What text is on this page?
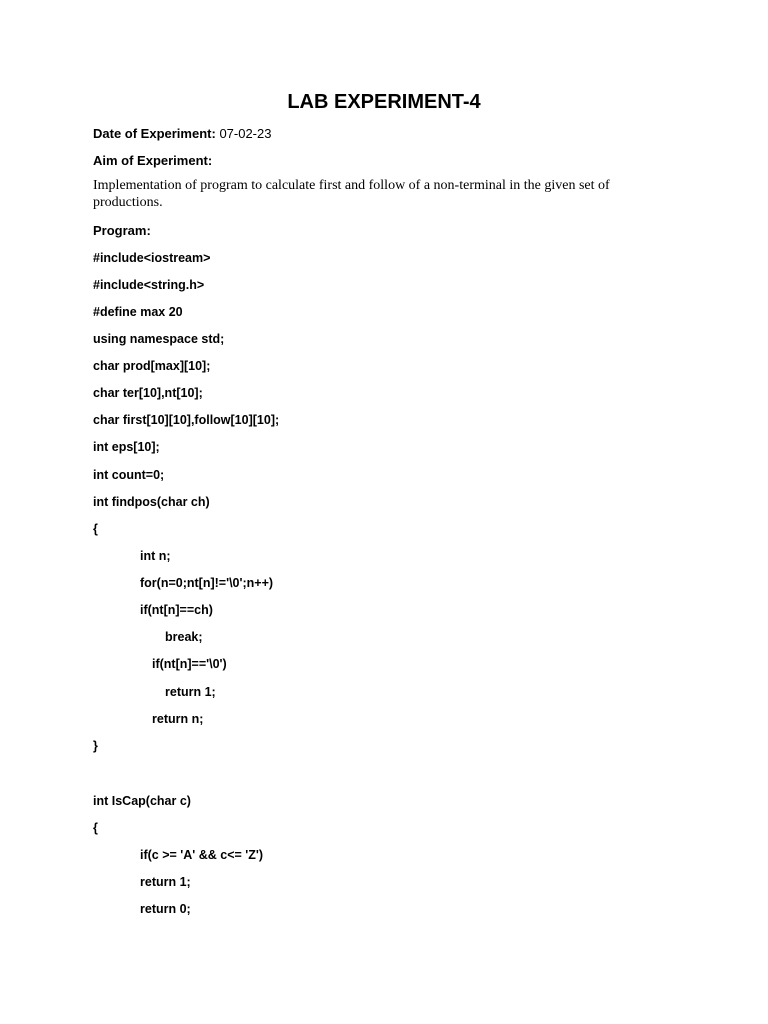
LAB EXPERIMENT-4
Date of Experiment: 07-02-23
Aim of Experiment:
Implementation of program to calculate first and follow of a non-terminal in the given set of productions.
Program:
#include<iostream>
#include<string.h>
#define max 20
using namespace std;
char prod[max][10];
char ter[10],nt[10];
char first[10][10],follow[10][10];
int eps[10];
int count=0;
int findpos(char ch)
{
int n;
for(n=0;nt[n]!='\0';n++)
if(nt[n]==ch)
break;
if(nt[n]=='\0')
return 1;
return n;
}
int IsCap(char c)
{
if(c >= 'A' && c<= 'Z')
return 1;
return 0;
